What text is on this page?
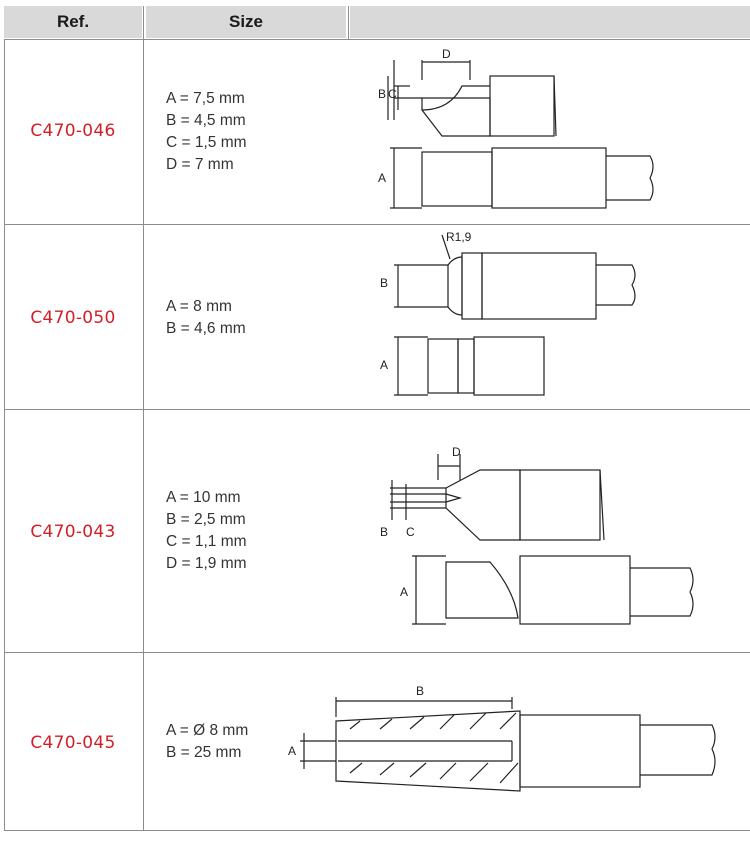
Ref.	Size
C470-046
A = 7,5 mm
B = 4,5 mm
C = 1,5 mm
D = 7 mm
C
B
D
A
C470-050
A = 8 mm
B = 4,6 mm
R1,9
B
A
C470-043
A = 10 mm
B = 2,5 mm
C = 1,1 mm
D = 1,9 mm
D
B C
A
C470-045
A = Ø 8 mm
B = 25 mm
B
A
